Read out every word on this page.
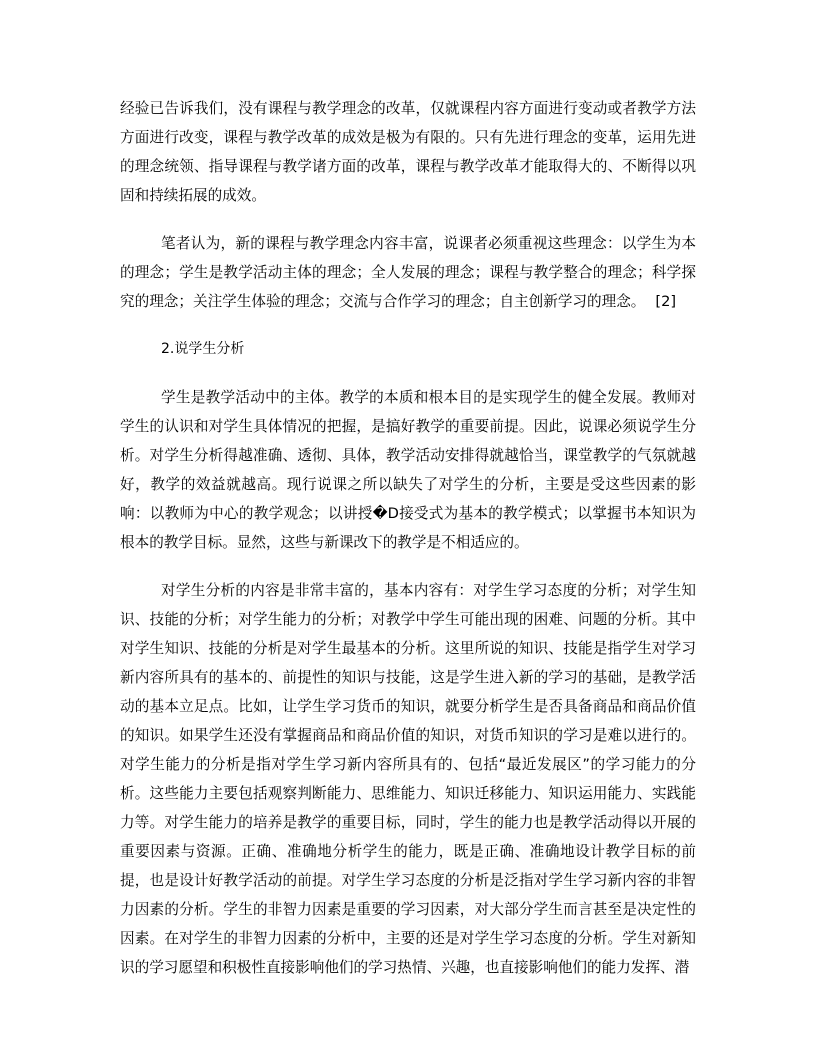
经验已告诉我们，没有课程与教学理念的改革，仅就课程内容方面进行变动或者教学方法方面进行改变，课程与教学改革的成效是极为有限的。只有先进行理念的变革，运用先进的理念统领、指导课程与教学诸方面的改革，课程与教学改革才能取得大的、不断得以巩固和持续拓展的成效。

笔者认为，新的课程与教学理念内容丰富，说课者必须重视这些理念：以学生为本的理念；学生是教学活动主体的理念；全人发展的理念；课程与教学整合的理念；科学探究的理念；关注学生体验的理念；交流与合作学习的理念；自主创新学习的理念。 [2]

2.说学生分析

学生是教学活动中的主体。教学的本质和根本目的是实现学生的健全发展。教师对学生的认识和对学生具体情况的把握，是搞好教学的重要前提。因此，说课必须说学生分析。对学生分析得越准确、透彻、具体，教学活动安排得就越恰当，课堂教学的气氛就越好，教学的效益就越高。现行说课之所以缺失了对学生的分析，主要是受这些因素的影响：以教师为中心的教学观念；以讲授�D接受式为基本的教学模式；以掌握书本知识为根本的教学目标。显然，这些与新课改下的教学是不相适应的。

对学生分析的内容是非常丰富的，基本内容有：对学生学习态度的分析；对学生知识、技能的分析；对学生能力的分析；对教学中学生可能出现的困难、问题的分析。其中对学生知识、技能的分析是对学生最基本的分析。这里所说的知识、技能是指学生对学习新内容所具有的基本的、前提性的知识与技能，这是学生进入新的学习的基础，是教学活动的基本立足点。比如，让学生学习货币的知识，就要分析学生是否具备商品和商品价值的知识。如果学生还没有掌握商品和商品价值的知识，对货币知识的学习是难以进行的。对学生能力的分析是指对学生学习新内容所具有的、包括“最近发展区”的学习能力的分析。这些能力主要包括观察判断能力、思维能力、知识迁移能力、知识运用能力、实践能力等。对学生能力的培养是教学的重要目标，同时，学生的能力也是教学活动得以开展的重要因素与资源。正确、准确地分析学生的能力，既是正确、准确地设计教学目标的前提，也是设计好教学活动的前提。对学生学习态度的分析是泛指对学生学习新内容的非智力因素的分析。学生的非智力因素是重要的学习因素，对大部分学生而言甚至是决定性的因素。在对学生的非智力因素的分析中，主要的还是对学生学习态度的分析。学生对新知识的学习愿望和积极性直接影响他们的学习热情、兴趣，也直接影响他们的能力发挥、潜
